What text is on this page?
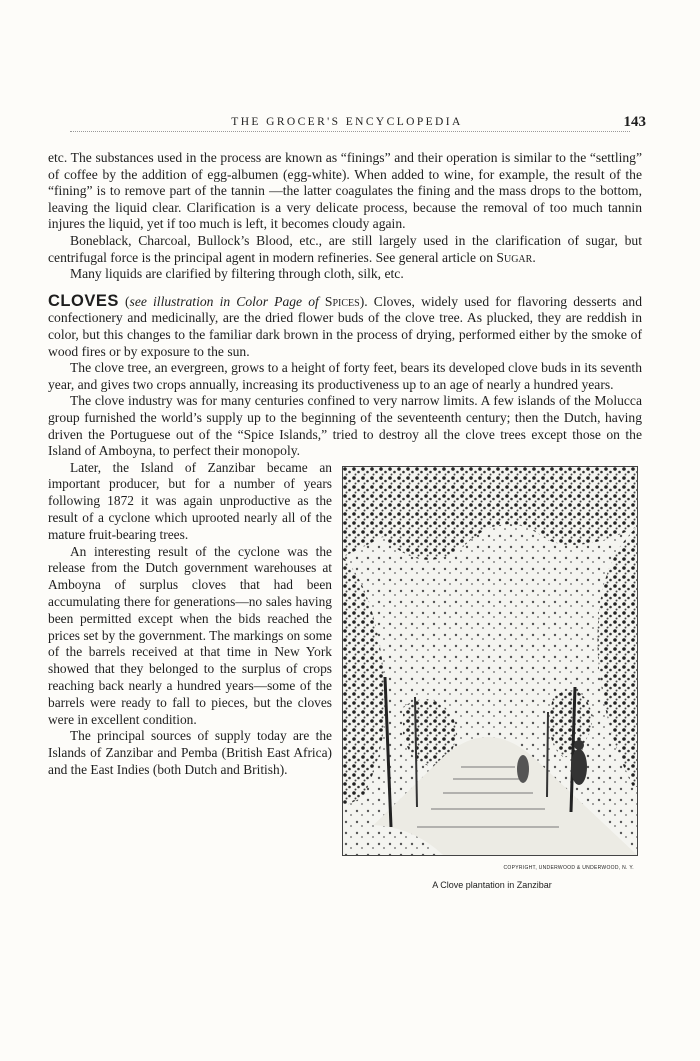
THE GROCER'S ENCYCLOPEDIA	143

etc. The substances used in the process are known as “finings” and their operation is similar to the “settling” of coffee by the addition of egg-albumen (egg-white). When added to wine, for example, the result of the “fining” is to remove part of the tannin —the latter coagulates the fining and the mass drops to the bottom, leaving the liquid clear. Clarification is a very delicate process, because the removal of too much tannin injures the liquid, yet if too much is left, it becomes cloudy again.

Boneblack, Charcoal, Bullock’s Blood, etc., are still largely used in the clarification of sugar, but centrifugal force is the principal agent in modern refineries. See general article on Sugar.

Many liquids are clarified by filtering through cloth, silk, etc.

CLOVES (see illustration in Color Page of Spices). Cloves, widely used for flavoring desserts and confectionery and medicinally, are the dried flower buds of the clove tree. As plucked, they are reddish in color, but this changes to the familiar dark brown in the process of drying, performed either by the smoke of wood fires or by exposure to the sun.

The clove tree, an evergreen, grows to a height of forty feet, bears its developed clove buds in its seventh year, and gives two crops annually, increasing its productiveness up to an age of nearly a hundred years.

The clove industry was for many centuries confined to very narrow limits. A few islands of the Molucca group furnished the world’s supply up to the beginning of the seventeenth century; then the Dutch, having driven the Portuguese out of the “Spice Islands,” tried to destroy all the clove trees except those on the Island of Amboyna, to perfect their monopoly.

Later, the Island of Zanzibar became an important producer, but for a number of years following 1872 it was again unproductive as the result of a cyclone which uprooted nearly all of the mature fruit-bearing trees.

An interesting result of the cyclone was the release from the Dutch government warehouses at Amboyna of surplus cloves that had been accumulating there for generations—no sales having been permitted except when the bids reached the prices set by the government. The markings on some of the barrels received at that time in New York showed that they belonged to the surplus of crops reaching back nearly a hundred years—some of the barrels were ready to fall to pieces, but the cloves were in excellent condition.

The principal sources of supply today are the Islands of Zanzibar and Pemba (British East Africa) and the East Indies (both Dutch and British).

COPYRIGHT, UNDERWOOD & UNDERWOOD, N. Y.
A Clove plantation in Zanzibar
